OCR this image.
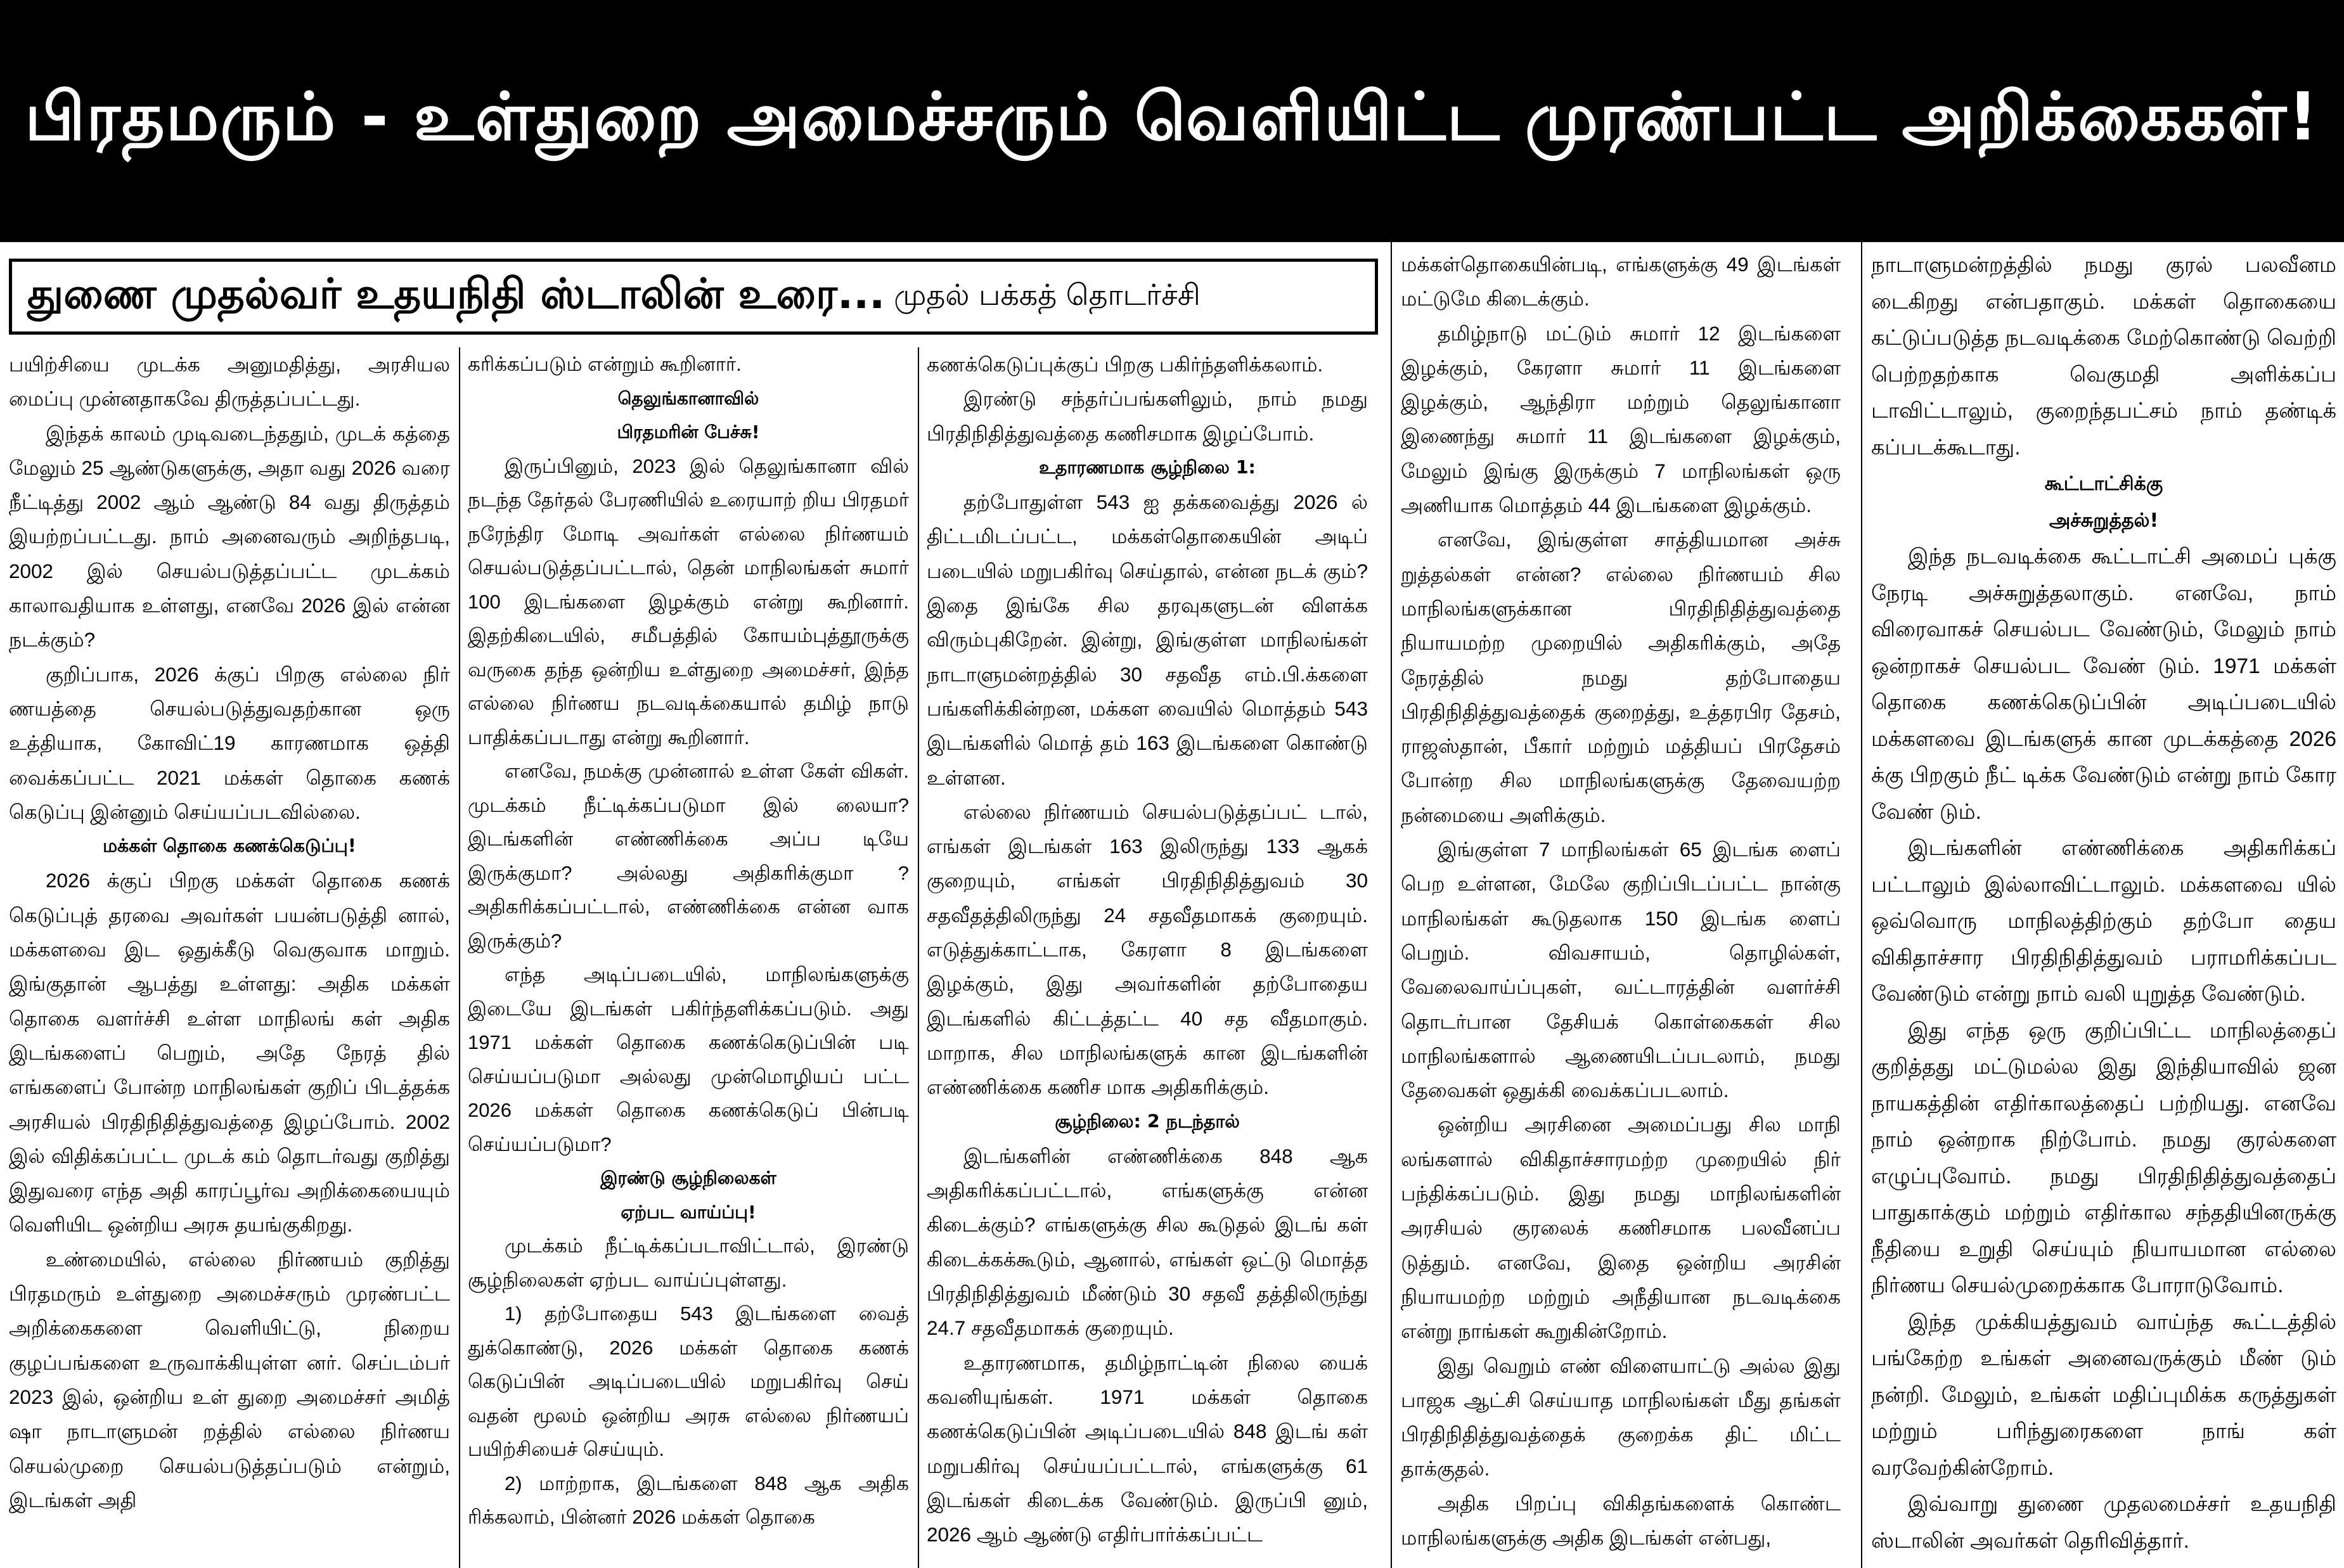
பிரதமரும் - உள்துறை அமைச்சரும் வெளியிட்ட முரண்பட்ட அறிக்கைகள்!
துணை முதல்வர் உதயநிதி ஸ்டாலின் உரை... முதல் பக்கத் தொடர்ச்சி

பயிற்சியை முடக்க அனுமதித்து, அரசியல மைப்பு முன்னதாகவே திருத்தப்பட்டது.

இந்தக் காலம் முடிவடைந்ததும், முடக் கத்தை மேலும் 25 ஆண்டுகளுக்கு, அதா வது 2026 வரை நீட்டித்து 2002 ஆம் ஆண்டு 84 வது திருத்தம் இயற்றப்பட்டது. நாம் அனைவரும் அறிந்தபடி, 2002 இல் செயல்படுத்தப்பட்ட முடக்கம் காலாவதியாக உள்ளது, எனவே 2026 இல் என்ன நடக்கும்?

குறிப்பாக, 2026 க்குப் பிறகு எல்லை நிர் ணயத்தை செயல்படுத்துவதற்கான ஒரு உத்தியாக, கோவிட்19 காரணமாக ஒத்தி வைக்கப்பட்ட 2021 மக்கள் தொகை கணக் கெடுப்பு இன்னும் செய்யப்படவில்லை.

மக்கள் தொகை கணக்கெடுப்பு!

2026 க்குப் பிறகு மக்கள் தொகை கணக் கெடுப்புத் தரவை அவர்கள் பயன்படுத்தி னால், மக்களவை இட ஒதுக்கீடு வெகுவாக மாறும். இங்குதான் ஆபத்து உள்ளது: அதிக மக்கள் தொகை வளர்ச்சி உள்ள மாநிலங் கள் அதிக இடங்களைப் பெறும், அதே நேரத் தில் எங்களைப் போன்ற மாநிலங்கள் குறிப் பிடத்தக்க அரசியல் பிரதிநிதித்துவத்தை இழப்போம். 2002 இல் விதிக்கப்பட்ட முடக் கம் தொடர்வது குறித்து இதுவரை எந்த அதி காரப்பூர்வ அறிக்கையையும் வெளியிட ஒன்றிய அரசு தயங்குகிறது.

உண்மையில், எல்லை நிர்ணயம் குறித்து பிரதமரும் உள்துறை அமைச்சரும் முரண்பட்ட அறிக்கைகளை வெளியிட்டு, நிறைய குழப்பங்களை உருவாக்கியுள்ள னர். செப்டம்பர் 2023 இல், ஒன்றிய உள் துறை அமைச்சர் அமித் ஷா நாடாளுமன் றத்தில் எல்லை நிர்ணய செயல்முறை செயல்படுத்தப்படும் என்றும், இடங்கள் அதி

கரிக்கப்படும் என்றும் கூறினார்.

தெலுங்கானாவில்

பிரதமரின் பேச்சு!

இருப்பினும், 2023 இல் தெலுங்கானா வில் நடந்த தேர்தல் பேரணியில் உரையாற் றிய பிரதமர் நரேந்திர மோடி அவர்கள் எல்லை நிர்ணயம் செயல்படுத்தப்பட்டால், தென் மாநிலங்கள் சுமார் 100 இடங்களை இழக்கும் என்று கூறினார். இதற்கிடையில், சமீபத்தில் கோயம்புத்தூருக்கு வருகை தந்த ஒன்றிய உள்துறை அமைச்சர், இந்த எல்லை நிர்ணய நடவடிக்கையால் தமிழ் நாடு பாதிக்கப்படாது என்று கூறினார்.

எனவே, நமக்கு முன்னால் உள்ள கேள் விகள். முடக்கம் நீட்டிக்கப்படுமா இல் லையா? இடங்களின் எண்ணிக்கை அப்ப டியே இருக்குமா? அல்லது அதிகரிக்குமா ? அதிகரிக்கப்பட்டால், எண்ணிக்கை என்ன வாக இருக்கும்?

எந்த அடிப்படையில், மாநிலங்களுக்கு இடையே இடங்கள் பகிர்ந்தளிக்கப்படும். அது 1971 மக்கள் தொகை கணக்கெடுப்பின் படி செய்யப்படுமா அல்லது முன்மொழியப் பட்ட 2026 மக்கள் தொகை கணக்கெடுப் பின்படி செய்யப்படுமா?

இரண்டு சூழ்நிலைகள்

ஏற்பட வாய்ப்பு!

முடக்கம் நீட்டிக்கப்படாவிட்டால், இரண்டு சூழ்நிலைகள் ஏற்பட வாய்ப்புள்ளது.

1) தற்போதைய 543 இடங்களை வைத் துக்கொண்டு, 2026 மக்கள் தொகை கணக் கெடுப்பின் அடிப்படையில் மறுபகிர்வு செய் வதன் மூலம் ஒன்றிய அரசு எல்லை நிர்ணயப் பயிற்சியைச் செய்யும்.

2) மாற்றாக, இடங்களை 848 ஆக அதிக ரிக்கலாம், பின்னர் 2026 மக்கள் தொகை

கணக்கெடுப்புக்குப் பிறகு பகிர்ந்தளிக்கலாம்.

இரண்டு சந்தர்ப்பங்களிலும், நாம் நமது பிரதிநிதித்துவத்தை கணிசமாக இழப்போம்.

உதாரணமாக சூழ்நிலை 1:

தற்போதுள்ள 543 ஐ தக்கவைத்து 2026 ல் திட்டமிடப்பட்ட, மக்கள்தொகையின் அடிப் படையில் மறுபகிர்வு செய்தால், என்ன நடக் கும்? இதை இங்கே சில தரவுகளுடன் விளக்க விரும்புகிறேன். இன்று, இங்குள்ள மாநிலங்கள் நாடாளுமன்றத்தில் 30 சதவீத எம்.பி.க்களை பங்களிக்கின்றன, மக்கள வையில் மொத்தம் 543 இடங்களில் மொத் தம் 163 இடங்களை கொண்டு உள்ளன.

எல்லை நிர்ணயம் செயல்படுத்தப்பட் டால், எங்கள் இடங்கள் 163 இலிருந்து 133 ஆகக் குறையும், எங்கள் பிரதிநிதித்துவம் 30 சதவீதத்திலிருந்து 24 சதவீதமாகக் குறையும். எடுத்துக்காட்டாக, கேரளா 8 இடங்களை இழக்கும், இது அவர்களின் தற்போதைய இடங்களில் கிட்டத்தட்ட 40 சத வீதமாகும். மாறாக, சில மாநிலங்களுக் கான இடங்களின் எண்ணிக்கை கணிச மாக அதிகரிக்கும்.

சூழ்நிலை: 2 நடந்தால்

இடங்களின் எண்ணிக்கை 848 ஆக அதிகரிக்கப்பட்டால், எங்களுக்கு என்ன கிடைக்கும்? எங்களுக்கு சில கூடுதல் இடங் கள் கிடைக்கக்கூடும், ஆனால், எங்கள் ஒட்டு மொத்த பிரதிநிதித்துவம் மீண்டும் 30 சதவீ தத்திலிருந்து 24.7 சதவீதமாகக் குறையும்.

உதாரணமாக, தமிழ்நாட்டின் நிலை யைக் கவனியுங்கள். 1971 மக்கள் தொகை கணக்கெடுப்பின் அடிப்படையில் 848 இடங் கள் மறுபகிர்வு செய்யப்பட்டால், எங்களுக்கு 61 இடங்கள் கிடைக்க வேண்டும். இருப்பி னும், 2026 ஆம் ஆண்டு எதிர்பார்க்கப்பட்ட

மக்கள்தொகையின்படி, எங்களுக்கு 49 இடங்கள் மட்டுமே கிடைக்கும்.

தமிழ்நாடு மட்டும் சுமார் 12 இடங்களை இழக்கும், கேரளா சுமார் 11 இடங்களை இழக்கும், ஆந்திரா மற்றும் தெலுங்கானா இணைந்து சுமார் 11 இடங்களை இழக்கும், மேலும் இங்கு இருக்கும் 7 மாநிலங்கள் ஒரு அணியாக மொத்தம் 44 இடங்களை இழக்கும்.

எனவே, இங்குள்ள சாத்தியமான அச்சு றுத்தல்கள் என்ன? எல்லை நிர்ணயம் சில மாநிலங்களுக்கான பிரதிநிதித்துவத்தை நியாயமற்ற முறையில் அதிகரிக்கும், அதே நேரத்தில் நமது தற்போதைய பிரதிநிதித்துவத்தைக் குறைத்து, உத்தரபிர தேசம், ராஜஸ்தான், பீகார் மற்றும் மத்தியப் பிரதேசம் போன்ற சில மாநிலங்களுக்கு தேவையற்ற நன்மையை அளிக்கும்.

இங்குள்ள 7 மாநிலங்கள் 65 இடங்க ளைப் பெற உள்ளன, மேலே குறிப்பிடப்பட்ட நான்கு மாநிலங்கள் கூடுதலாக 150 இடங்க ளைப் பெறும். விவசாயம், தொழில்கள், வேலைவாய்ப்புகள், வட்டாரத்தின் வளர்ச்சி தொடர்பான தேசியக் கொள்கைகள் சில மாநிலங்களால் ஆணையிடப்படலாம், நமது தேவைகள் ஒதுக்கி வைக்கப்படலாம்.

ஒன்றிய அரசினை அமைப்பது சில மாநி லங்களால் விகிதாச்சாரமற்ற முறையில் நிர் பந்திக்கப்படும். இது நமது மாநிலங்களின் அரசியல் குரலைக் கணிசமாக பலவீனப்ப டுத்தும். எனவே, இதை ஒன்றிய அரசின் நியாயமற்ற மற்றும் அநீதியான நடவடிக்கை என்று நாங்கள் கூறுகின்றோம்.

இது வெறும் எண் விளையாட்டு அல்ல இது பாஜக ஆட்சி செய்யாத மாநிலங்கள் மீது தங்கள் பிரதிநிதித்துவத்தைக் குறைக்க திட் மிட்ட தாக்குதல்.

அதிக பிறப்பு விகிதங்களைக் கொண்ட மாநிலங்களுக்கு அதிக இடங்கள் என்பது,

நாடாளுமன்றத்தில் நமது குரல் பலவீனம டைகிறது என்பதாகும். மக்கள் தொகையை கட்டுப்படுத்த நடவடிக்கை மேற்கொண்டு வெற்றி பெற்றதற்காக வெகுமதி அளிக்கப்ப டாவிட்டாலும், குறைந்தபட்சம் நாம் தண்டிக் கப்படக்கூடாது.

கூட்டாட்சிக்கு

அச்சுறுத்தல்!

இந்த நடவடிக்கை கூட்டாட்சி அமைப் புக்கு நேரடி அச்சுறுத்தலாகும். எனவே, நாம் விரைவாகச் செயல்பட வேண்டும், மேலும் நாம் ஒன்றாகச் செயல்பட வேண் டும். 1971 மக்கள் தொகை கணக்கெடுப்பின் அடிப்படையில் மக்களவை இடங்களுக் கான முடக்கத்தை 2026 க்கு பிறகும் நீட் டிக்க வேண்டும் என்று நாம் கோர வேண் டும்.

இடங்களின் எண்ணிக்கை அதிகரிக்கப் பட்டாலும் இல்லாவிட்டாலும். மக்களவை யில் ஒவ்வொரு மாநிலத்திற்கும் தற்போ தைய விகிதாச்சார பிரதிநிதித்துவம் பராமரிக்கப்பட வேண்டும் என்று நாம் வலி யுறுத்த வேண்டும்.

இது எந்த ஒரு குறிப்பிட்ட மாநிலத்தைப் குறித்தது மட்டுமல்ல இது இந்தியாவில் ஜன நாயகத்தின் எதிர்காலத்தைப் பற்றியது. எனவே நாம் ஒன்றாக நிற்போம். நமது குரல்களை எழுப்புவோம். நமது பிரதிநிதித்துவத்தைப் பாதுகாக்கும் மற்றும் எதிர்கால சந்ததியினருக்கு நீதியை உறுதி செய்யும் நியாயமான எல்லை நிர்ணய செயல்முறைக்காக போராடுவோம்.

இந்த முக்கியத்துவம் வாய்ந்த கூட்டத்தில் பங்கேற்ற உங்கள் அனைவருக்கும் மீண் டும் நன்றி. மேலும், உங்கள் மதிப்புமிக்க கருத்துகள் மற்றும் பரிந்துரைகளை நாங் கள் வரவேற்கின்றோம்.

இவ்வாறு துணை முதலமைச்சர் உதயநிதி ஸ்டாலின் அவர்கள் தெரிவித்தார்.
